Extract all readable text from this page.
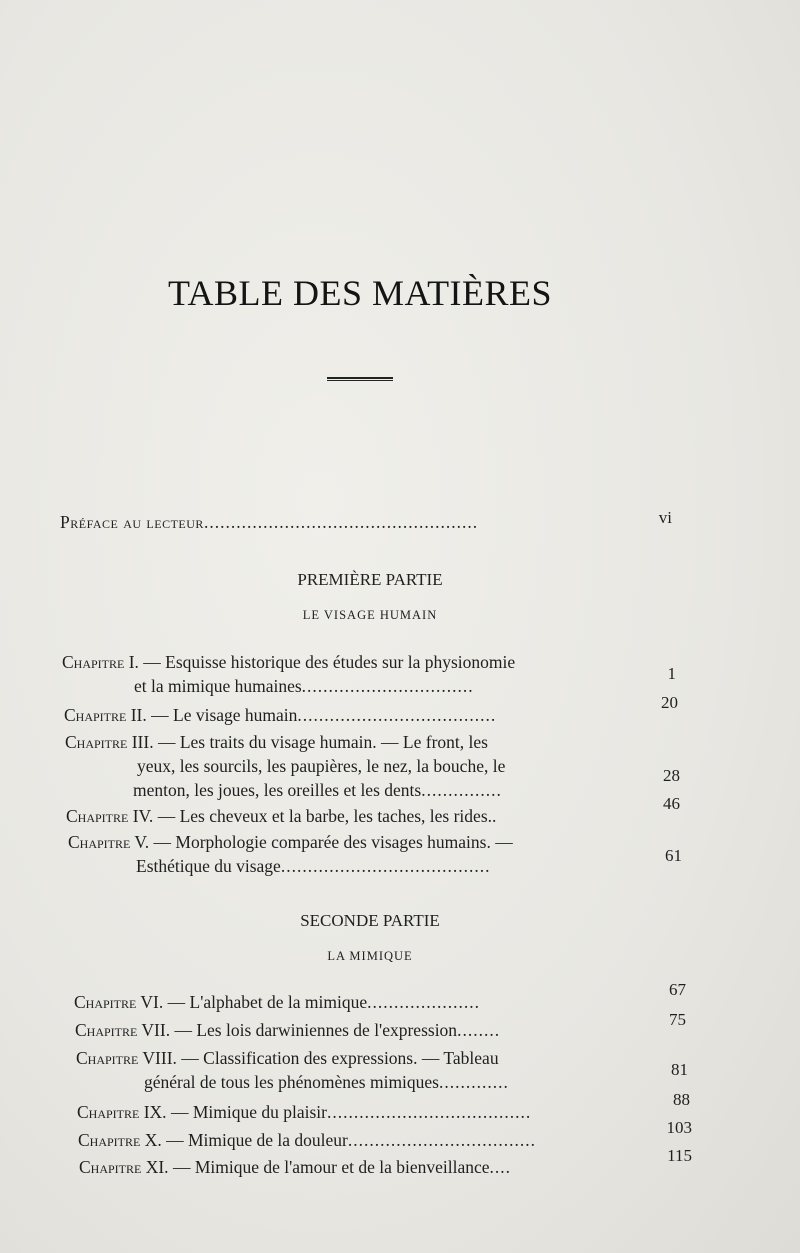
TABLE DES MATIÈRES
Préface au lecteur...................................................	vi
PREMIÈRE PARTIE
LE VISAGE HUMAIN
Chapitre I. — Esquisse historique des études sur la physionomie
et la mimique humaines................................
1
Chapitre II. — Le visage humain.....................................
20
Chapitre III. — Les traits du visage humain. — Le front, les
yeux, les sourcils, les paupières, le nez, la bouche, le
menton, les joues, les oreilles et les dents...............
28
Chapitre IV. — Les cheveux et la barbe, les taches, les rides..
46
Chapitre V. — Morphologie comparée des visages humains. —
Esthétique du visage.......................................
61
SECONDE PARTIE
LA MIMIQUE
Chapitre VI. — L'alphabet de la mimique.....................
67
Chapitre VII. — Les lois darwiniennes de l'expression........
75
Chapitre VIII. — Classification des expressions. — Tableau
général de tous les phénomènes mimiques.............
81
Chapitre IX. — Mimique du plaisir......................................
88
Chapitre X. — Mimique de la douleur...................................
103
Chapitre XI. — Mimique de l'amour et de la bienveillance....
115
